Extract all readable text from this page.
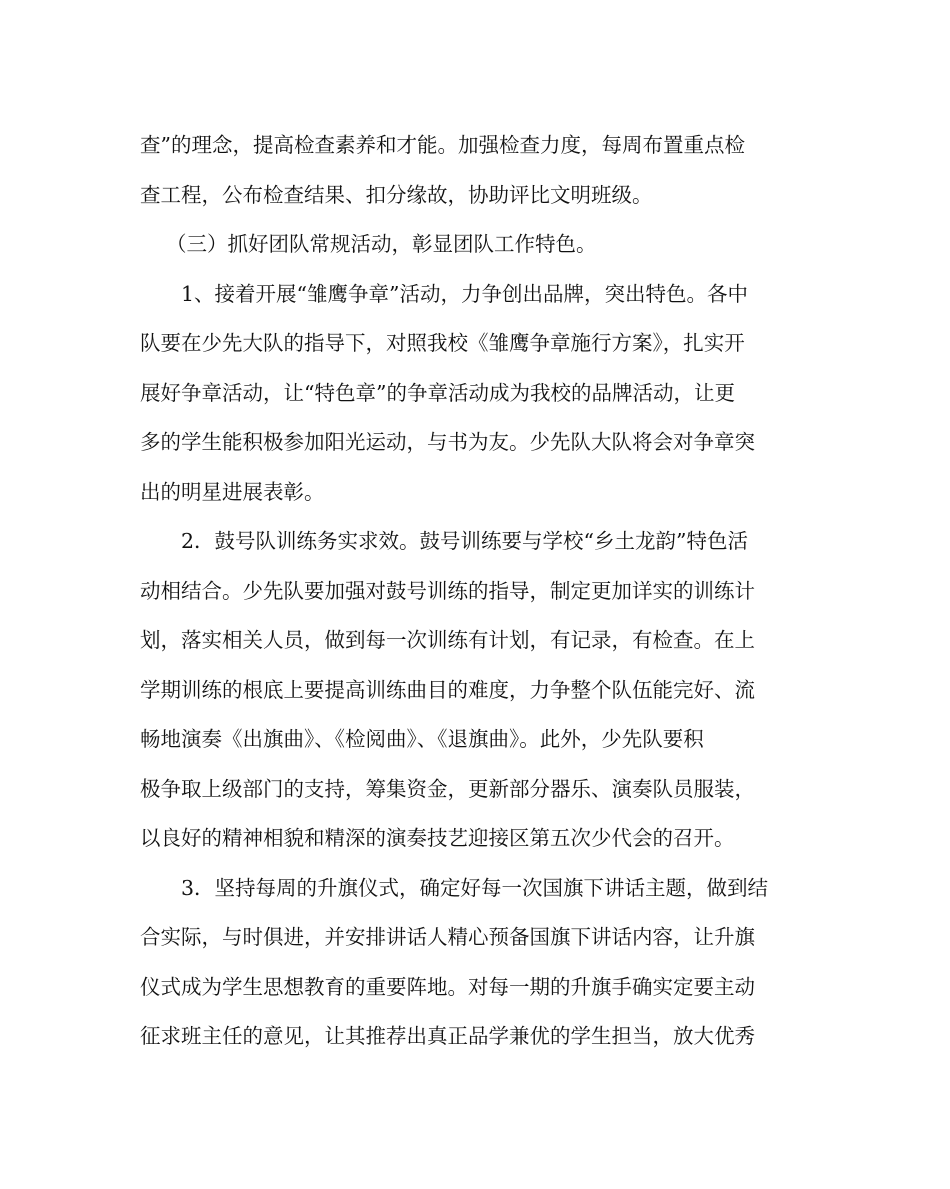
查”的理念，提高检查素养和才能。加强检查力度，每周布置重点检
查工程，公布检查结果、扣分缘故，协助评比文明班级。
（三）抓好团队常规活动，彰显团队工作特色。
1、接着开展“雏鹰争章”活动，力争创出品牌，突出特色。各中
队要在少先大队的指导下，对照我校《雏鹰争章施行方案》，扎实开
展好争章活动，让“特色章”的争章活动成为我校的品牌活动，让更
多的学生能积极参加阳光运动，与书为友。少先队大队将会对争章突
出的明星进展表彰。
2．鼓号队训练务实求效。鼓号训练要与学校“乡土龙韵”特色活
动相结合。少先队要加强对鼓号训练的指导，制定更加详实的训练计
划，落实相关人员，做到每一次训练有计划，有记录，有检查。在上
学期训练的根底上要提高训练曲目的难度，力争整个队伍能完好、流
畅地演奏《出旗曲》、《检阅曲》、《退旗曲》。此外，少先队要积
极争取上级部门的支持，筹集资金，更新部分器乐、演奏队员服装，
以良好的精神相貌和精深的演奏技艺迎接区第五次少代会的召开。
3．坚持每周的升旗仪式，确定好每一次国旗下讲话主题，做到结
合实际，与时俱进，并安排讲话人精心预备国旗下讲话内容，让升旗
仪式成为学生思想教育的重要阵地。对每一期的升旗手确实定要主动
征求班主任的意见，让其推荐出真正品学兼优的学生担当，放大优秀
